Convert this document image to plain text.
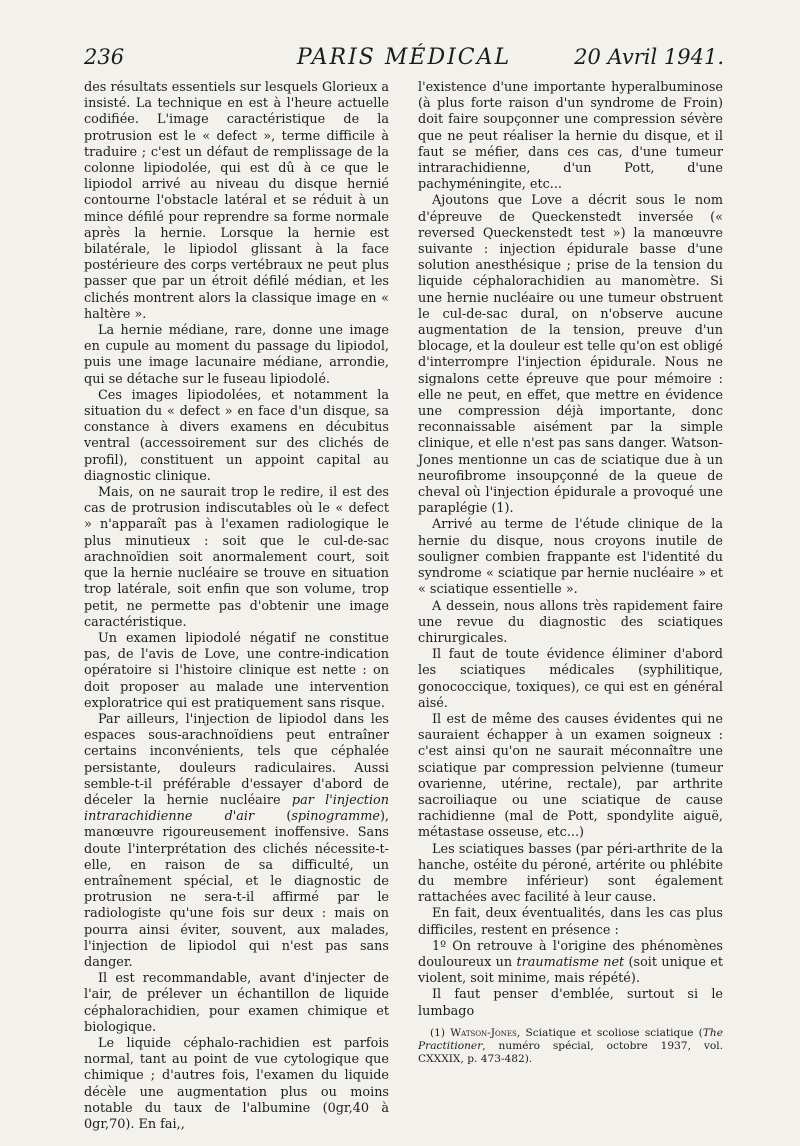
236	PARIS MÉDICAL	20 Avril 1941.

des résultats essentiels sur lesquels Glorieux a insisté. La technique en est à l'heure actuelle codifiée. L'image caractéristique de la protrusion est le « defect », terme difficile à traduire ; c'est un défaut de remplissage de la colonne lipiodolée, qui est dû à ce que le lipiodol arrivé au niveau du disque hernié contourne l'obstacle latéral et se réduit à un mince défilé pour reprendre sa forme normale après la hernie. Lorsque la hernie est bilatérale, le lipiodol glissant à la face postérieure des corps vertébraux ne peut plus passer que par un étroit défilé médian, et les clichés montrent alors la classique image en « haltère ».

La hernie médiane, rare, donne une image en cupule au moment du passage du lipiodol, puis une image lacunaire médiane, arrondie, qui se détache sur le fuseau lipiodolé.

Ces images lipiodolées, et notamment la situation du « defect » en face d'un disque, sa constance à divers examens en décubitus ventral (accessoirement sur des clichés de profil), constituent un appoint capital au diagnostic clinique.

Mais, on ne saurait trop le redire, il est des cas de protrusion indiscutables où le « defect » n'apparaît pas à l'examen radiologique le plus minutieux : soit que le cul-de-sac arachnoïdien soit anormalement court, soit que la hernie nucléaire se trouve en situation trop latérale, soit enfin que son volume, trop petit, ne permette pas d'obtenir une image caractéristique.

Un examen lipiodolé négatif ne constitue pas, de l'avis de Love, une contre-indication opératoire si l'histoire clinique est nette : on doit proposer au malade une intervention exploratrice qui est pratiquement sans risque.

Par ailleurs, l'injection de lipiodol dans les espaces sous-arachnoïdiens peut entraîner certains inconvénients, tels que céphalée persistante, douleurs radiculaires. Aussi semble-t-il préférable d'essayer d'abord de déceler la hernie nucléaire par l'injection intrarachidienne d'air (spinogramme), manœuvre rigoureusement inoffensive. Sans doute l'interprétation des clichés nécessite-t-elle, en raison de sa difficulté, un entraînement spécial, et le diagnostic de protrusion ne sera-t-il affirmé par le radiologiste qu'une fois sur deux : mais on pourra ainsi éviter, souvent, aux malades, l'injection de lipiodol qui n'est pas sans danger.

Il est recommandable, avant d'injecter de l'air, de prélever un échantillon de liquide céphalorachidien, pour examen chimique et biologique.

Le liquide céphalo-rachidien est parfois normal, tant au point de vue cytologique que chimique ; d'autres fois, l'examen du liquide décèle une augmentation plus ou moins notable du taux de l'albumine (0gr,40 à 0gr,70). En fai,,

l'existence d'une importante hyperalbuminose (à plus forte raison d'un syndrome de Froin) doit faire soupçonner une compression sévère que ne peut réaliser la hernie du disque, et il faut se méfier, dans ces cas, d'une tumeur intrarachidienne, d'un Pott, d'une pachyméningite, etc...

Ajoutons que Love a décrit sous le nom d'épreuve de Queckenstedt inversée (« reversed Queckenstedt test ») la manœuvre suivante : injection épidurale basse d'une solution anesthésique ; prise de la tension du liquide céphalorachidien au manomètre. Si une hernie nucléaire ou une tumeur obstruent le cul-de-sac dural, on n'observe aucune augmentation de la tension, preuve d'un blocage, et la douleur est telle qu'on est obligé d'interrompre l'injection épidurale. Nous ne signalons cette épreuve que pour mémoire : elle ne peut, en effet, que mettre en évidence une compression déjà importante, donc reconnaissable aisément par la simple clinique, et elle n'est pas sans danger. Watson-Jones mentionne un cas de sciatique due à un neurofibrome insoupçonné de la queue de cheval où l'injection épidurale a provoqué une paraplégie (1).

Arrivé au terme de l'étude clinique de la hernie du disque, nous croyons inutile de souligner combien frappante est l'identité du syndrome « sciatique par hernie nucléaire » et « sciatique essentielle ».

A dessein, nous allons très rapidement faire une revue du diagnostic des sciatiques chirurgicales.

Il faut de toute évidence éliminer d'abord les sciatiques médicales (syphilitique, gonococcique, toxiques), ce qui est en général aisé.

Il est de même des causes évidentes qui ne sauraient échapper à un examen soigneux : c'est ainsi qu'on ne saurait méconnaître une sciatique par compression pelvienne (tumeur ovarienne, utérine, rectale), par arthrite sacroiliaque ou une sciatique de cause rachidienne (mal de Pott, spondylite aiguë, métastase osseuse, etc...)

Les sciatiques basses (par péri-arthrite de la hanche, ostéite du péroné, artérite ou phlébite du membre inférieur) sont également rattachées avec facilité à leur cause.

En fait, deux éventualités, dans les cas plus difficiles, restent en présence :

1º On retrouve à l'origine des phénomènes douloureux un traumatisme net (soit unique et violent, soit minime, mais répété).

Il faut penser d'emblée, surtout si le lumbago

(1) Watson-Jones, Sciatique et scoliose sciatique (The Practitioner, numéro spécial, octobre 1937, vol. CXXXIX, p. 473-482).
